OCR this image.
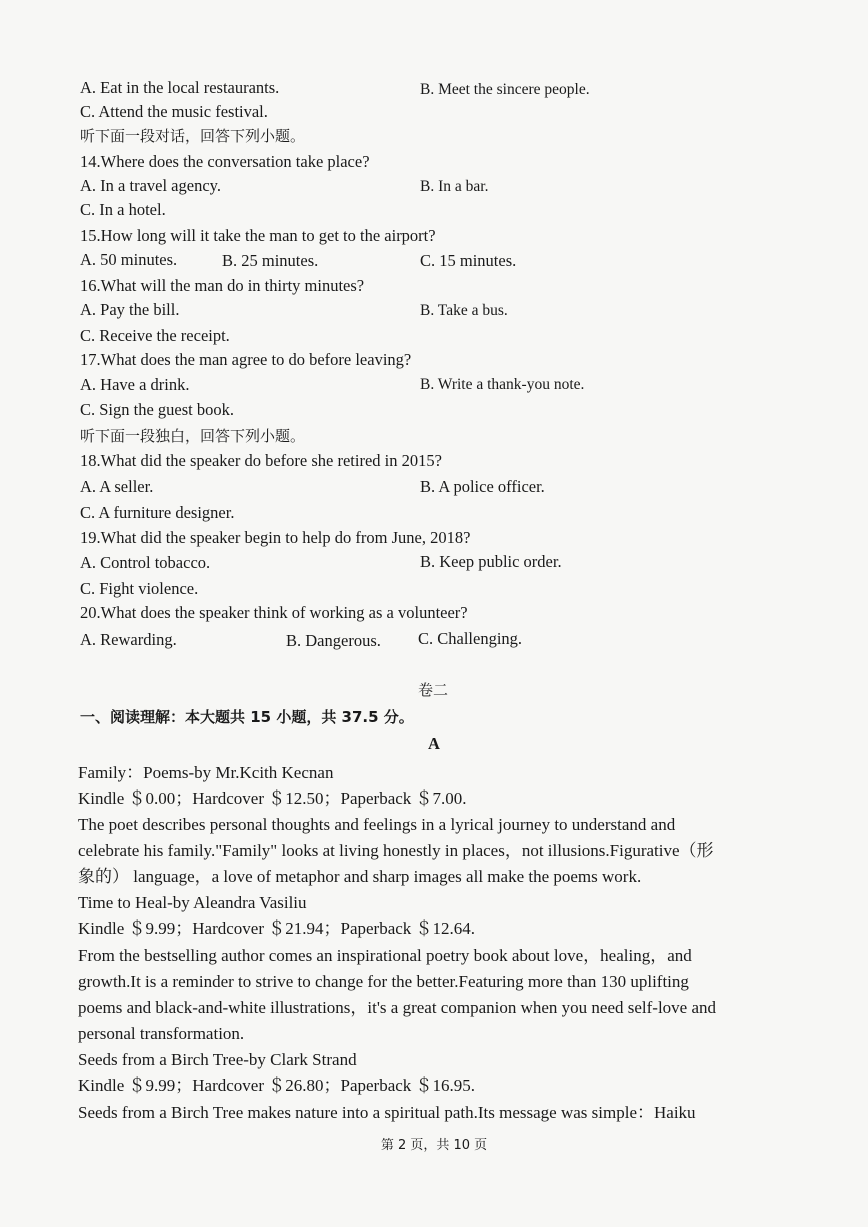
A. Eat in the local restaurants.	B. Meet the sincere people.
C. Attend the music festival.
听下面一段对话，回答下列小题。
14.Where does the conversation take place?
A. In a travel agency.	B. In a bar.
C. In a hotel.
15.How long will it take the man to get to the airport?
A. 50 minutes.	B. 25 minutes.	C. 15 minutes.
16.What will the man do in thirty minutes?
A. Pay the bill.	B. Take a bus.
C. Receive the receipt.
17.What does the man agree to do before leaving?
A. Have a drink.	B. Write a thank-you note.
C. Sign the guest book.
听下面一段独白，回答下列小题。
18.What did the speaker do before she retired in 2015?
A. A seller.	B. A police officer.
C. A furniture designer.
19.What did the speaker begin to help do from June, 2018?
A. Control tobacco.	B. Keep public order.
C. Fight violence.
20.What does the speaker think of working as a volunteer?
A. Rewarding.	B. Dangerous. C. Challenging.
卷二
一、阅读理解：本大题共 15 小题，共 37.5 分。
A
Family：Poems-by Mr.Kcith Kecnan
Kindle ＄0.00；Hardcover ＄12.50；Paperback ＄7.00.
The poet describes personal thoughts and feelings in a lyrical journey to understand and
celebrate his family."Family" looks at living honestly in places，not illusions.Figurative（形
象的） language，a love of metaphor and sharp images all make the poems work.
Time to Heal-by Aleandra Vasiliu
Kindle ＄9.99；Hardcover ＄21.94；Paperback ＄12.64.
From the bestselling author comes an inspirational poetry book about love，healing，and
growth.It is a reminder to strive to change for the better.Featuring more than 130 uplifting
poems and black-and-white illustrations，it's a great companion when you need self-love and
personal transformation.
Seeds from a Birch Tree-by Clark Strand
Kindle ＄9.99；Hardcover ＄26.80；Paperback ＄16.95.
Seeds from a Birch Tree makes nature into a spiritual path.Its message was simple：Haiku
第 2 页，共 10 页
